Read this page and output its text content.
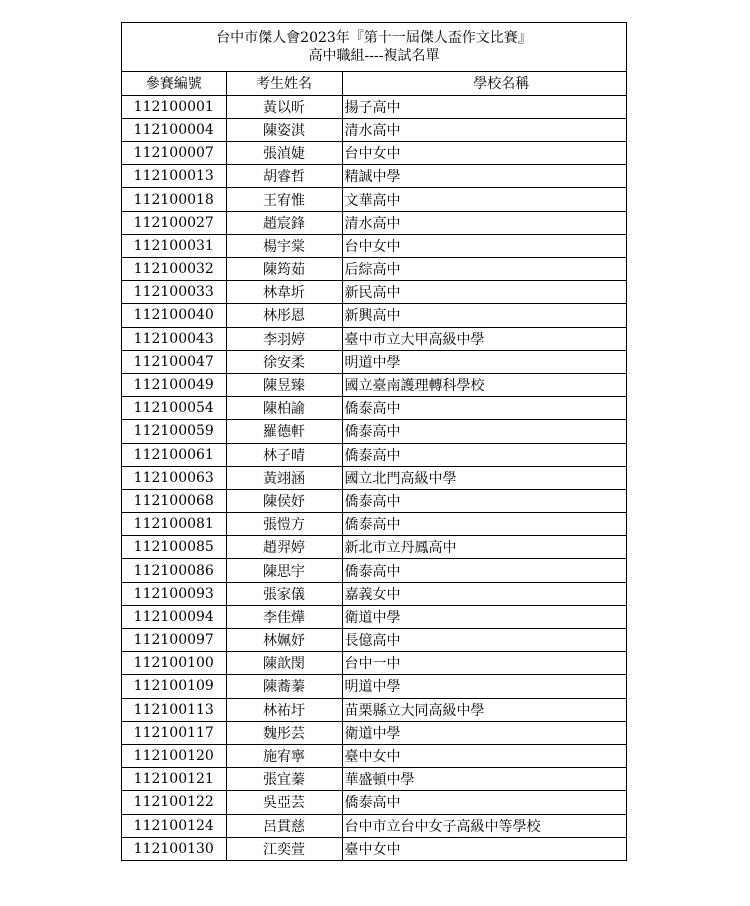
台中市傑人會2023年『第十一屆傑人盃作文比賽』
高中職組----複試名單
參賽編號	考生姓名	學校名稱
112100001	黃以昕	揚子高中
112100004	陳姿淇	清水高中
112100007	張湞婕	台中女中
112100013	胡睿哲	精誠中學
112100018	王宥惟	文華高中
112100027	趙宸鋒	清水高中
112100031	楊宇棠	台中女中
112100032	陳筠茹	后綜高中
112100033	林韋圻	新民高中
112100040	林彤恩	新興高中
112100043	李羽婷	臺中市立大甲高級中學
112100047	徐安柔	明道中學
112100049	陳昱臻	國立臺南護理轉科學校
112100054	陳柏諭	僑泰高中
112100059	羅德軒	僑泰高中
112100061	林子晴	僑泰高中
112100063	黃翊涵	國立北門高級中學
112100068	陳侯妤	僑泰高中
112100081	張愷方	僑泰高中
112100085	趙羿婷	新北市立丹鳳高中
112100086	陳思宇	僑泰高中
112100093	張家儀	嘉義女中
112100094	李佳燁	衛道中學
112100097	林姵妤	長億高中
112100100	陳歆閔	台中一中
112100109	陳蕎蓁	明道中學
112100113	林祐圩	苗栗縣立大同高級中學
112100117	魏彤芸	衛道中學
112100120	施宥寧	臺中女中
112100121	張宜蓁	華盛頓中學
112100122	吳亞芸	僑泰高中
112100124	呂貫慈	台中市立台中女子高級中等學校
112100130	江奕萱	臺中女中
